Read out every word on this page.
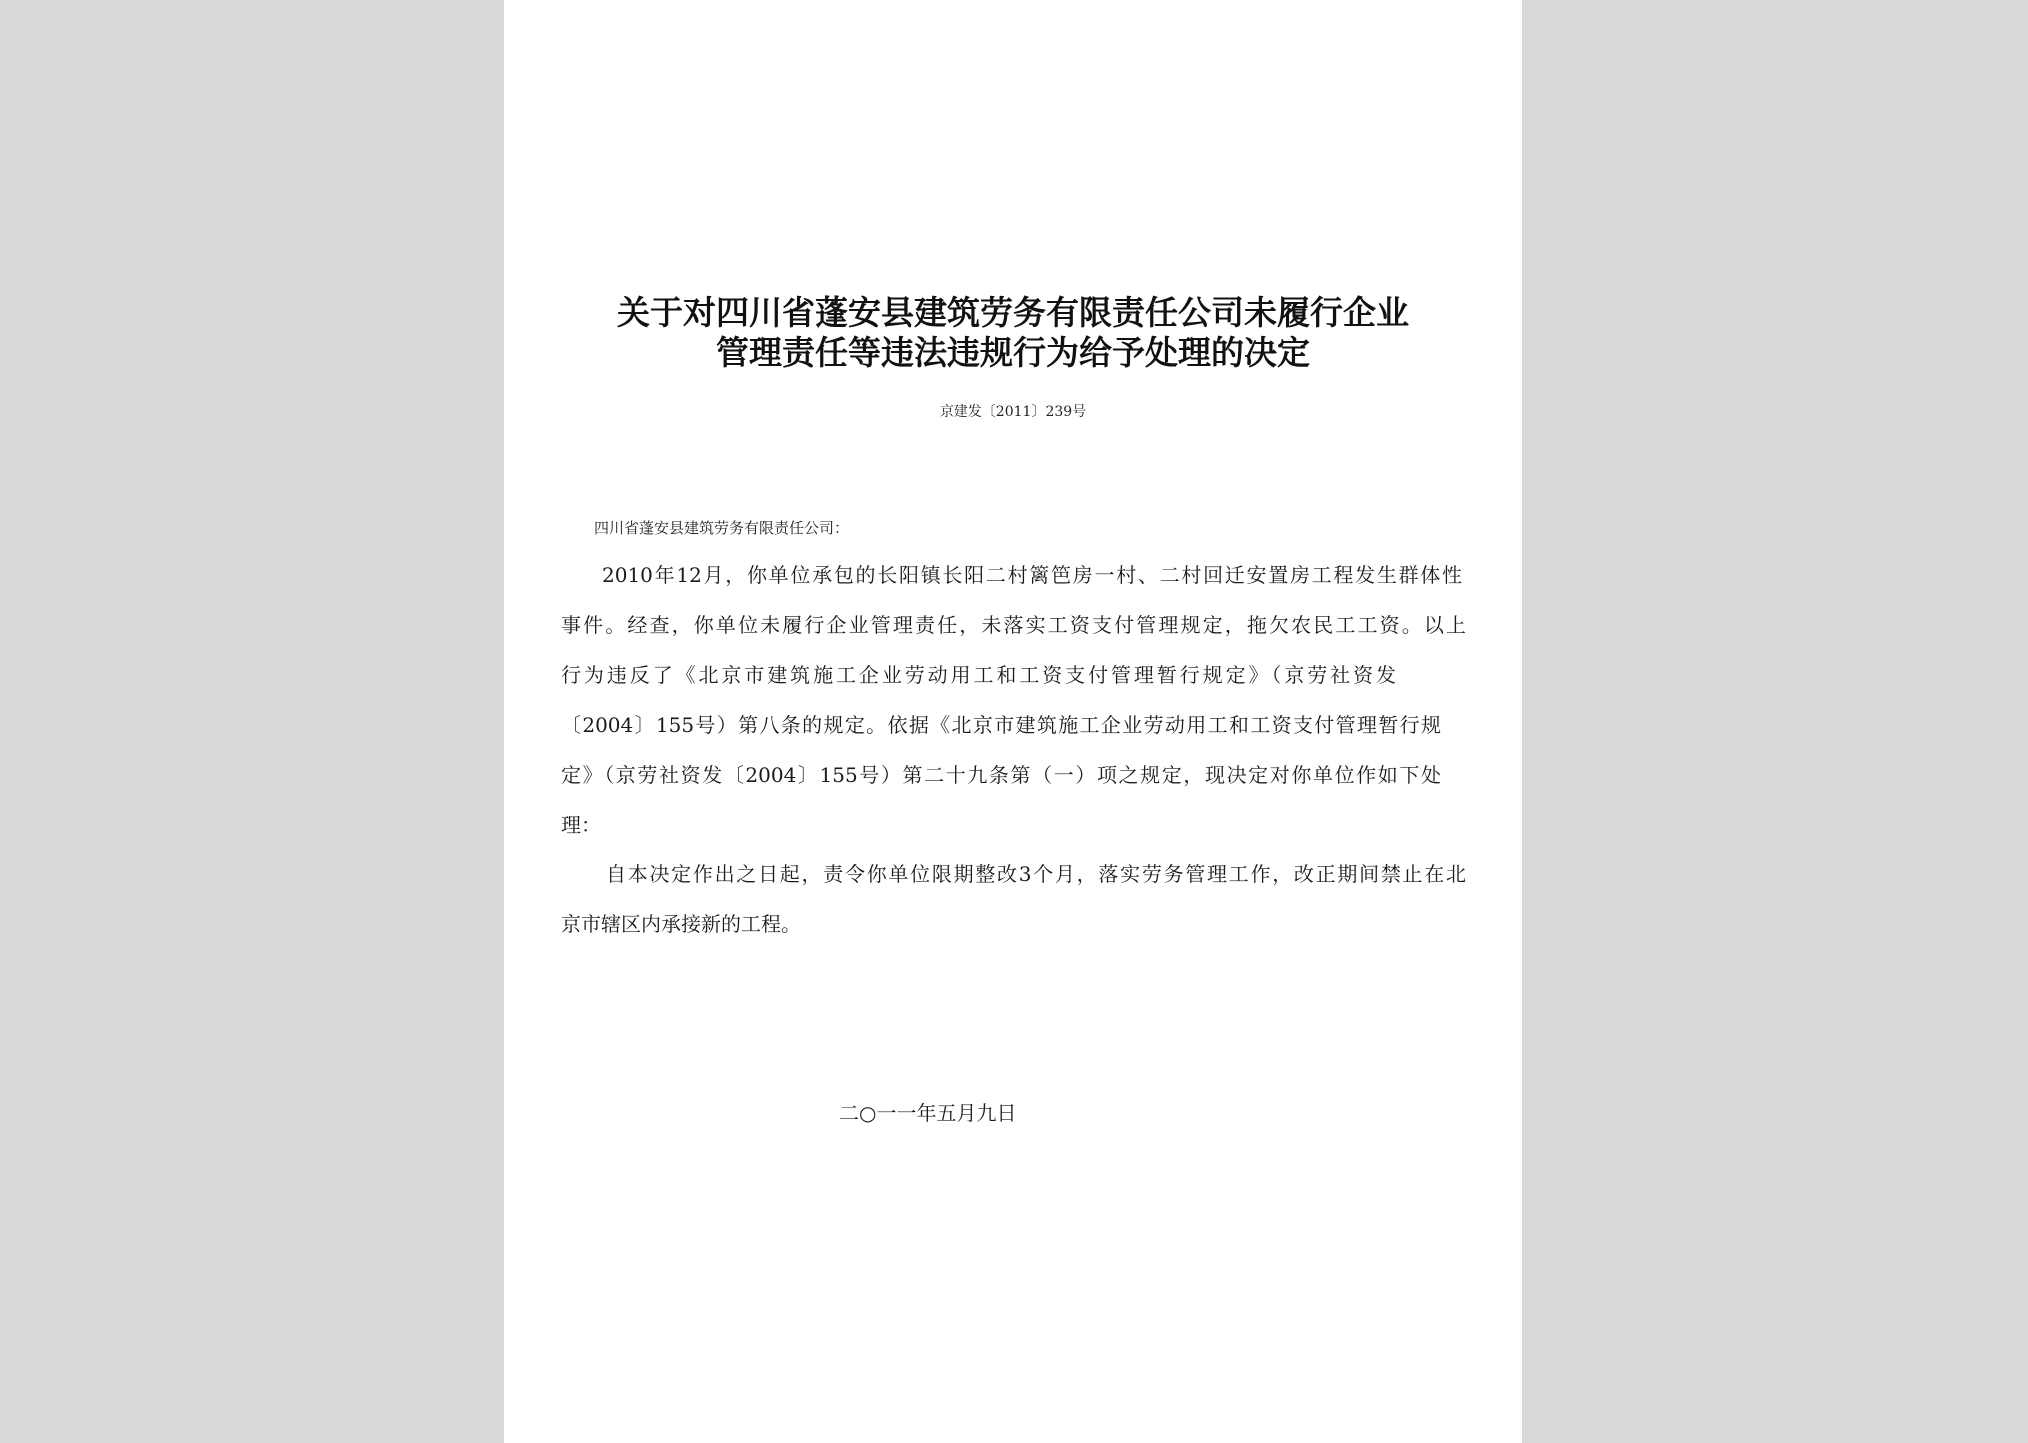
关于对四川省蓬安县建筑劳务有限责任公司未履行企业
管理责任等违法违规行为给予处理的决定
京建发〔2011〕239号
四川省蓬安县建筑劳务有限责任公司：
2010年12月，你单位承包的长阳镇长阳二村篱笆房一村、二村回迁安置房工程发生群体性
事件。经查，你单位未履行企业管理责任，未落实工资支付管理规定，拖欠农民工工资。以上
行为违反了《北京市建筑施工企业劳动用工和工资支付管理暂行规定》（京劳社资发
〔2004〕155号）第八条的规定。依据《北京市建筑施工企业劳动用工和工资支付管理暂行规
定》（京劳社资发〔2004〕155号）第二十九条第（一）项之规定，现决定对你单位作如下处
理：
自本决定作出之日起，责令你单位限期整改3个月，落实劳务管理工作，改正期间禁止在北
京市辖区内承接新的工程。
二○一一年五月九日
